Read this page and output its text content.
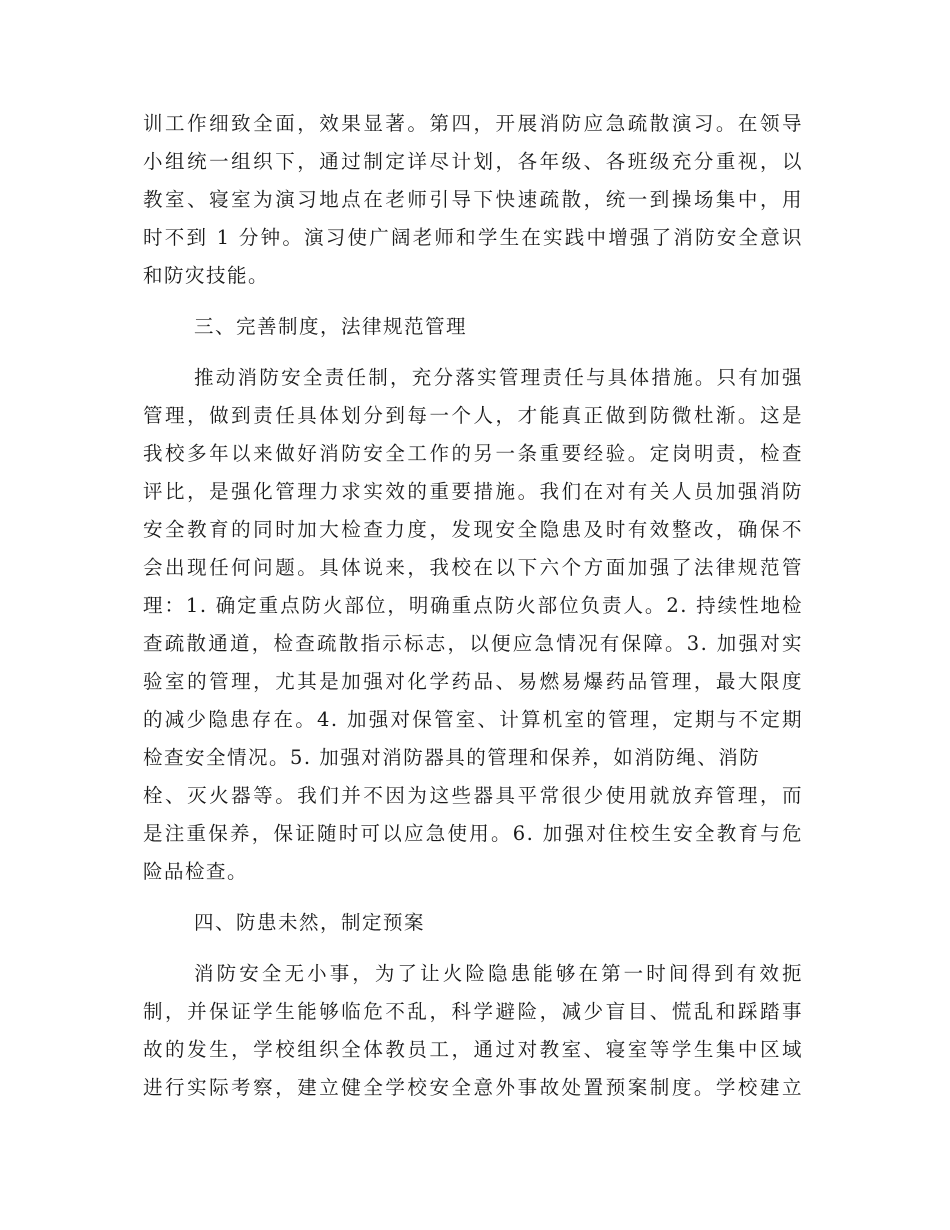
训工作细致全面，效果显著。第四，开展消防应急疏散演习。在领导
小组统一组织下，通过制定详尽计划，各年级、各班级充分重视，以
教室、寝室为演习地点在老师引导下快速疏散，统一到操场集中，用
时不到 1 分钟。演习使广阔老师和学生在实践中增强了消防安全意识
和防灾技能。
三、完善制度，法律规范管理
推动消防安全责任制，充分落实管理责任与具体措施。只有加强
管理，做到责任具体划分到每一个人，才能真正做到防微杜渐。这是
我校多年以来做好消防安全工作的另一条重要经验。定岗明责，检查
评比，是强化管理力求实效的重要措施。我们在对有关人员加强消防
安全教育的同时加大检查力度，发现安全隐患及时有效整改，确保不
会出现任何问题。具体说来，我校在以下六个方面加强了法律规范管
理：1. 确定重点防火部位，明确重点防火部位负责人。2. 持续性地检
查疏散通道，检查疏散指示标志，以便应急情况有保障。3. 加强对实
验室的管理，尤其是加强对化学药品、易燃易爆药品管理，最大限度
的减少隐患存在。4. 加强对保管室、计算机室的管理，定期与不定期
检查安全情况。5. 加强对消防器具的管理和保养，如消防绳、消防
栓、灭火器等。我们并不因为这些器具平常很少使用就放弃管理，而
是注重保养，保证随时可以应急使用。6. 加强对住校生安全教育与危
险品检查。
四、防患未然，制定预案
消防安全无小事，为了让火险隐患能够在第一时间得到有效扼
制，并保证学生能够临危不乱，科学避险，减少盲目、慌乱和踩踏事
故的发生，学校组织全体教员工，通过对教室、寝室等学生集中区域
进行实际考察，建立健全学校安全意外事故处置预案制度。学校建立
